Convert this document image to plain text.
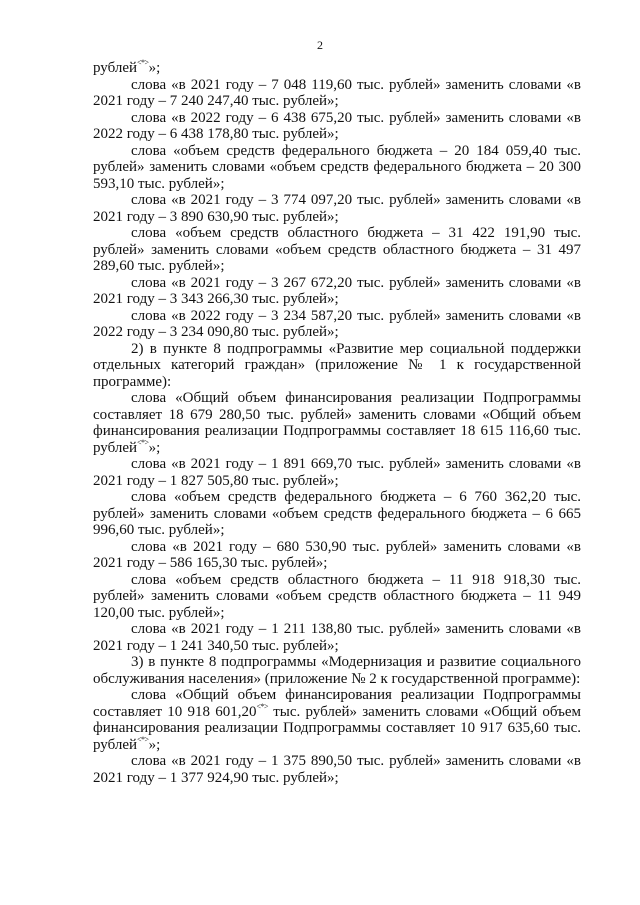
2

рублей<*>»;

слова «в 2021 году – 7 048 119,60 тыс. рублей» заменить словами «в 2021 году – 7 240 247,40 тыс. рублей»;

слова «в 2022 году – 6 438 675,20 тыс. рублей» заменить словами «в 2022 году – 6 438 178,80 тыс. рублей»;

слова «объем средств федерального бюджета – 20 184 059,40 тыс. рублей» заменить словами «объем средств федерального бюджета – 20 300 593,10 тыс. рублей»;

слова «в 2021 году – 3 774 097,20 тыс. рублей» заменить словами «в 2021 году – 3 890 630,90 тыс. рублей»;

слова «объем средств областного бюджета – 31 422 191,90 тыс. рублей» заменить словами «объем средств областного бюджета – 31 497 289,60 тыс. рублей»;

слова «в 2021 году – 3 267 672,20 тыс. рублей» заменить словами «в 2021 году – 3 343 266,30 тыс. рублей»;

слова «в 2022 году – 3 234 587,20 тыс. рублей» заменить словами «в 2022 году – 3 234 090,80 тыс. рублей»;

2) в пункте 8 подпрограммы «Развитие мер социальной поддержки отдельных категорий граждан» (приложение № 1 к государственной программе):

слова «Общий объем финансирования реализации Подпрограммы составляет 18 679 280,50 тыс. рублей» заменить словами «Общий объем финансирования реализации Подпрограммы составляет 18 615 116,60 тыс. рублей<*>»;

слова «в 2021 году – 1 891 669,70 тыс. рублей» заменить словами «в 2021 году – 1 827 505,80 тыс. рублей»;

слова «объем средств федерального бюджета – 6 760 362,20 тыс. рублей» заменить словами «объем средств федерального бюджета – 6 665 996,60 тыс. рублей»;

слова «в 2021 году – 680 530,90 тыс. рублей» заменить словами «в 2021 году – 586 165,30 тыс. рублей»;

слова «объем средств областного бюджета – 11 918 918,30 тыс. рублей» заменить словами «объем средств областного бюджета – 11 949 120,00 тыс. рублей»;

слова «в 2021 году – 1 211 138,80 тыс. рублей» заменить словами «в 2021 году – 1 241 340,50 тыс. рублей»;

3) в пункте 8 подпрограммы «Модернизация и развитие социального обслуживания населения» (приложение № 2 к государственной программе):

слова «Общий объем финансирования реализации Подпрограммы составляет 10 918 601,20<*> тыс. рублей» заменить словами «Общий объем финансирования реализации Подпрограммы составляет 10 917 635,60 тыс. рублей<*>»;

слова «в 2021 году – 1 375 890,50 тыс. рублей» заменить словами «в 2021 году – 1 377 924,90 тыс. рублей»;
